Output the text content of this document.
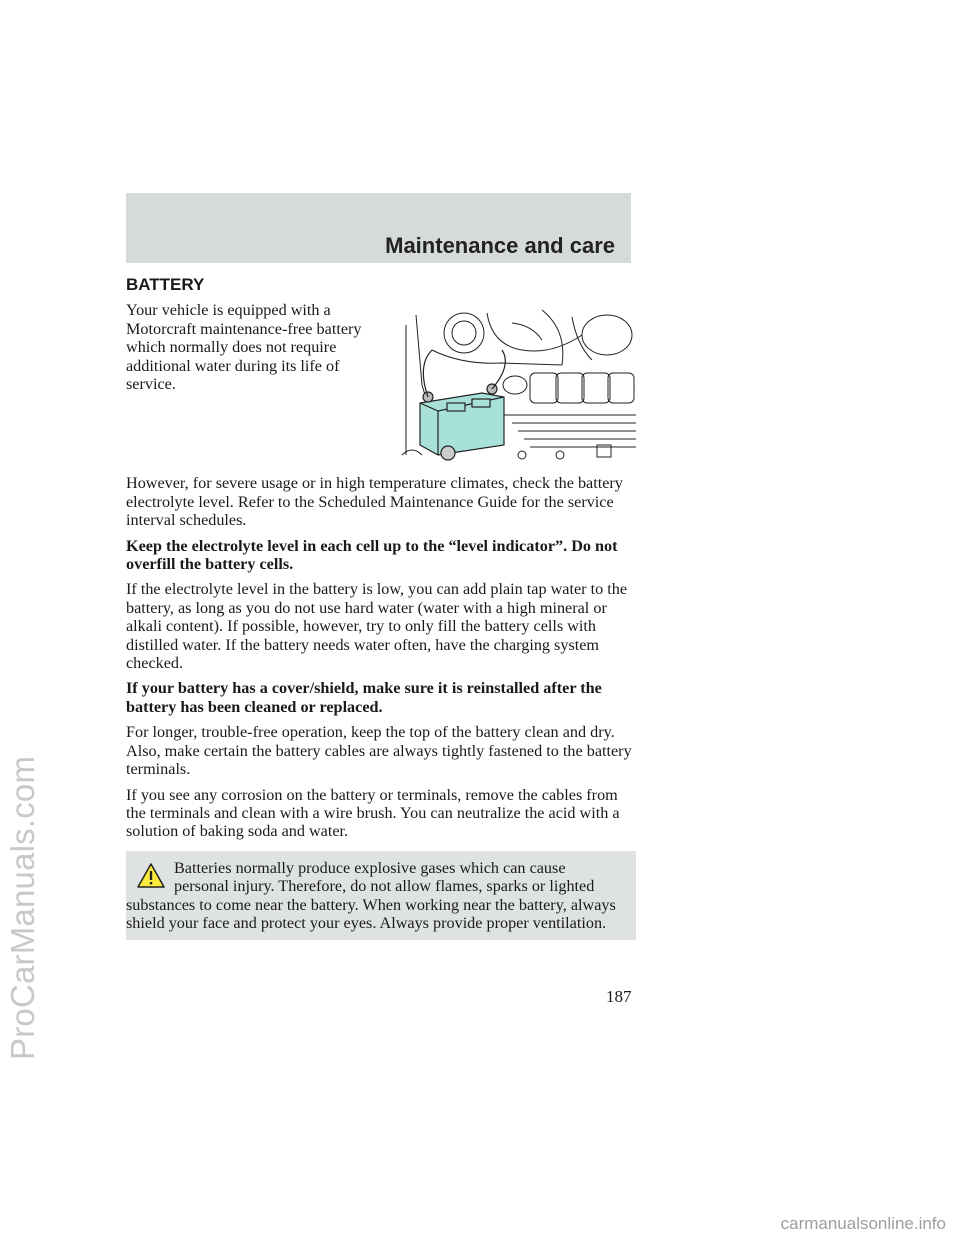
ProCarManuals.com
Maintenance and care
BATTERY

Your vehicle is equipped with a Motorcraft maintenance-free battery which normally does not require additional water during its life of service.

However, for severe usage or in high temperature climates, check the battery electrolyte level. Refer to the Scheduled Maintenance Guide for the service interval schedules.

Keep the electrolyte level in each cell up to the “level indicator”. Do not overfill the battery cells.

If the electrolyte level in the battery is low, you can add plain tap water to the battery, as long as you do not use hard water (water with a high mineral or alkali content). If possible, however, try to only fill the battery cells with distilled water. If the battery needs water often, have the charging system checked.

If your battery has a cover/shield, make sure it is reinstalled after the battery has been cleaned or replaced.

For longer, trouble-free operation, keep the top of the battery clean and dry. Also, make certain the battery cables are always tightly fastened to the battery terminals.

If you see any corrosion on the battery or terminals, remove the cables from the terminals and clean with a wire brush. You can neutralize the acid with a solution of baking soda and water.

Batteries normally produce explosive gases which can cause

personal injury. Therefore, do not allow flames, sparks or lighted

substances to come near the battery. When working near the battery, always shield your face and protect your eyes. Always provide proper ventilation.

187
carmanualsonline.info
